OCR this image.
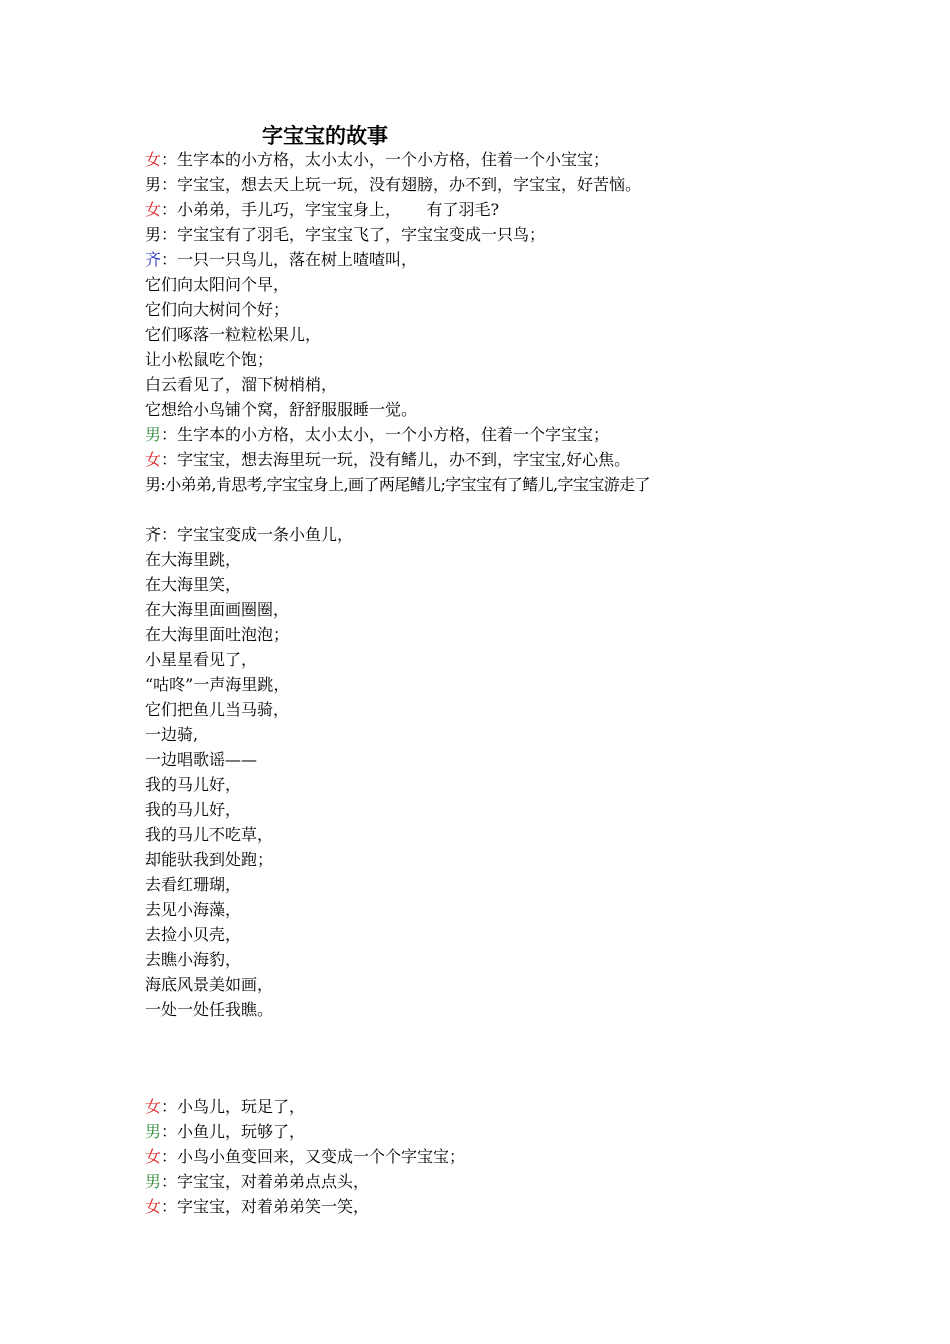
字宝宝的故事
女：生字本的小方格，太小太小，一个小方格，住着一个小宝宝；
男：字宝宝，想去天上玩一玩，没有翅膀，办不到，字宝宝，好苦恼。
女：小弟弟，手儿巧，字宝宝身上，     有了羽毛?
男：字宝宝有了羽毛，字宝宝飞了，字宝宝变成一只鸟；
齐：一只一只鸟儿，落在树上喳喳叫，
它们向太阳问个早，
它们向大树问个好；
它们啄落一粒粒松果儿，
让小松鼠吃个饱；
白云看见了，溜下树梢梢，
它想给小鸟铺个窝，舒舒服服睡一觉。
男：生字本的小方格，太小太小，一个小方格，住着一个字宝宝；
女：字宝宝，想去海里玩一玩，没有鳍儿，办不到，字宝宝,好心焦。
男:小弟弟,肯思考,字宝宝身上,画了两尾鳍儿;字宝宝有了鳍儿,字宝宝游走了
齐：字宝宝变成一条小鱼儿，
在大海里跳，
在大海里笑，
在大海里面画圈圈，
在大海里面吐泡泡；
小星星看见了，
“咕咚”一声海里跳，
它们把鱼儿当马骑，
一边骑,
一边唱歌谣——
我的马儿好，
我的马儿好，
我的马儿不吃草，
却能驮我到处跑；
去看红珊瑚，
去见小海藻，
去捡小贝壳，
去瞧小海豹，
海底风景美如画，
一处一处任我瞧。
女：小鸟儿，玩足了，
男：小鱼儿，玩够了，
女：小鸟小鱼变回来，又变成一个个字宝宝；
男：字宝宝，对着弟弟点点头，
女：字宝宝，对着弟弟笑一笑，
